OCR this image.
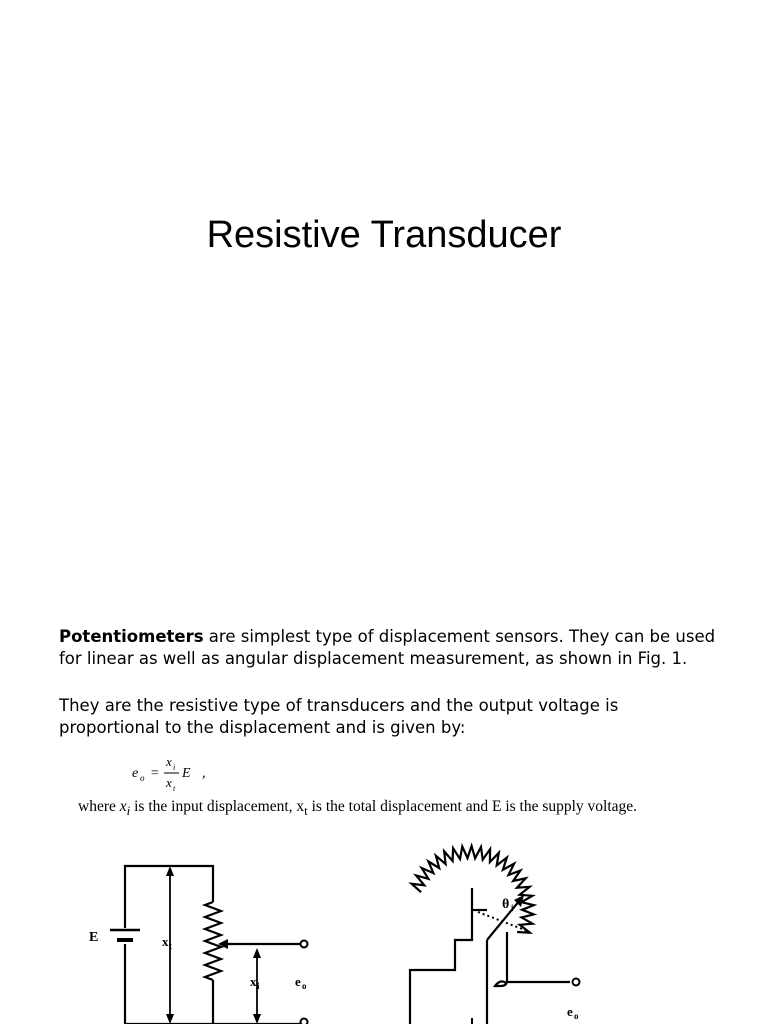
Resistive Transducer

Potentiometers are simplest type of displacement sensors. They can be used for linear as well as angular displacement measurement, as shown in Fig. 1.

They are the resistive type of transducers and the output voltage is proportional to the displacement and is given by:

e o =
x i
x t
E ,
where $x_i$ is the input displacement, $x_t$ is the total displacement and E is the supply voltage.
E	x t
x i	e o
θ i
e o
